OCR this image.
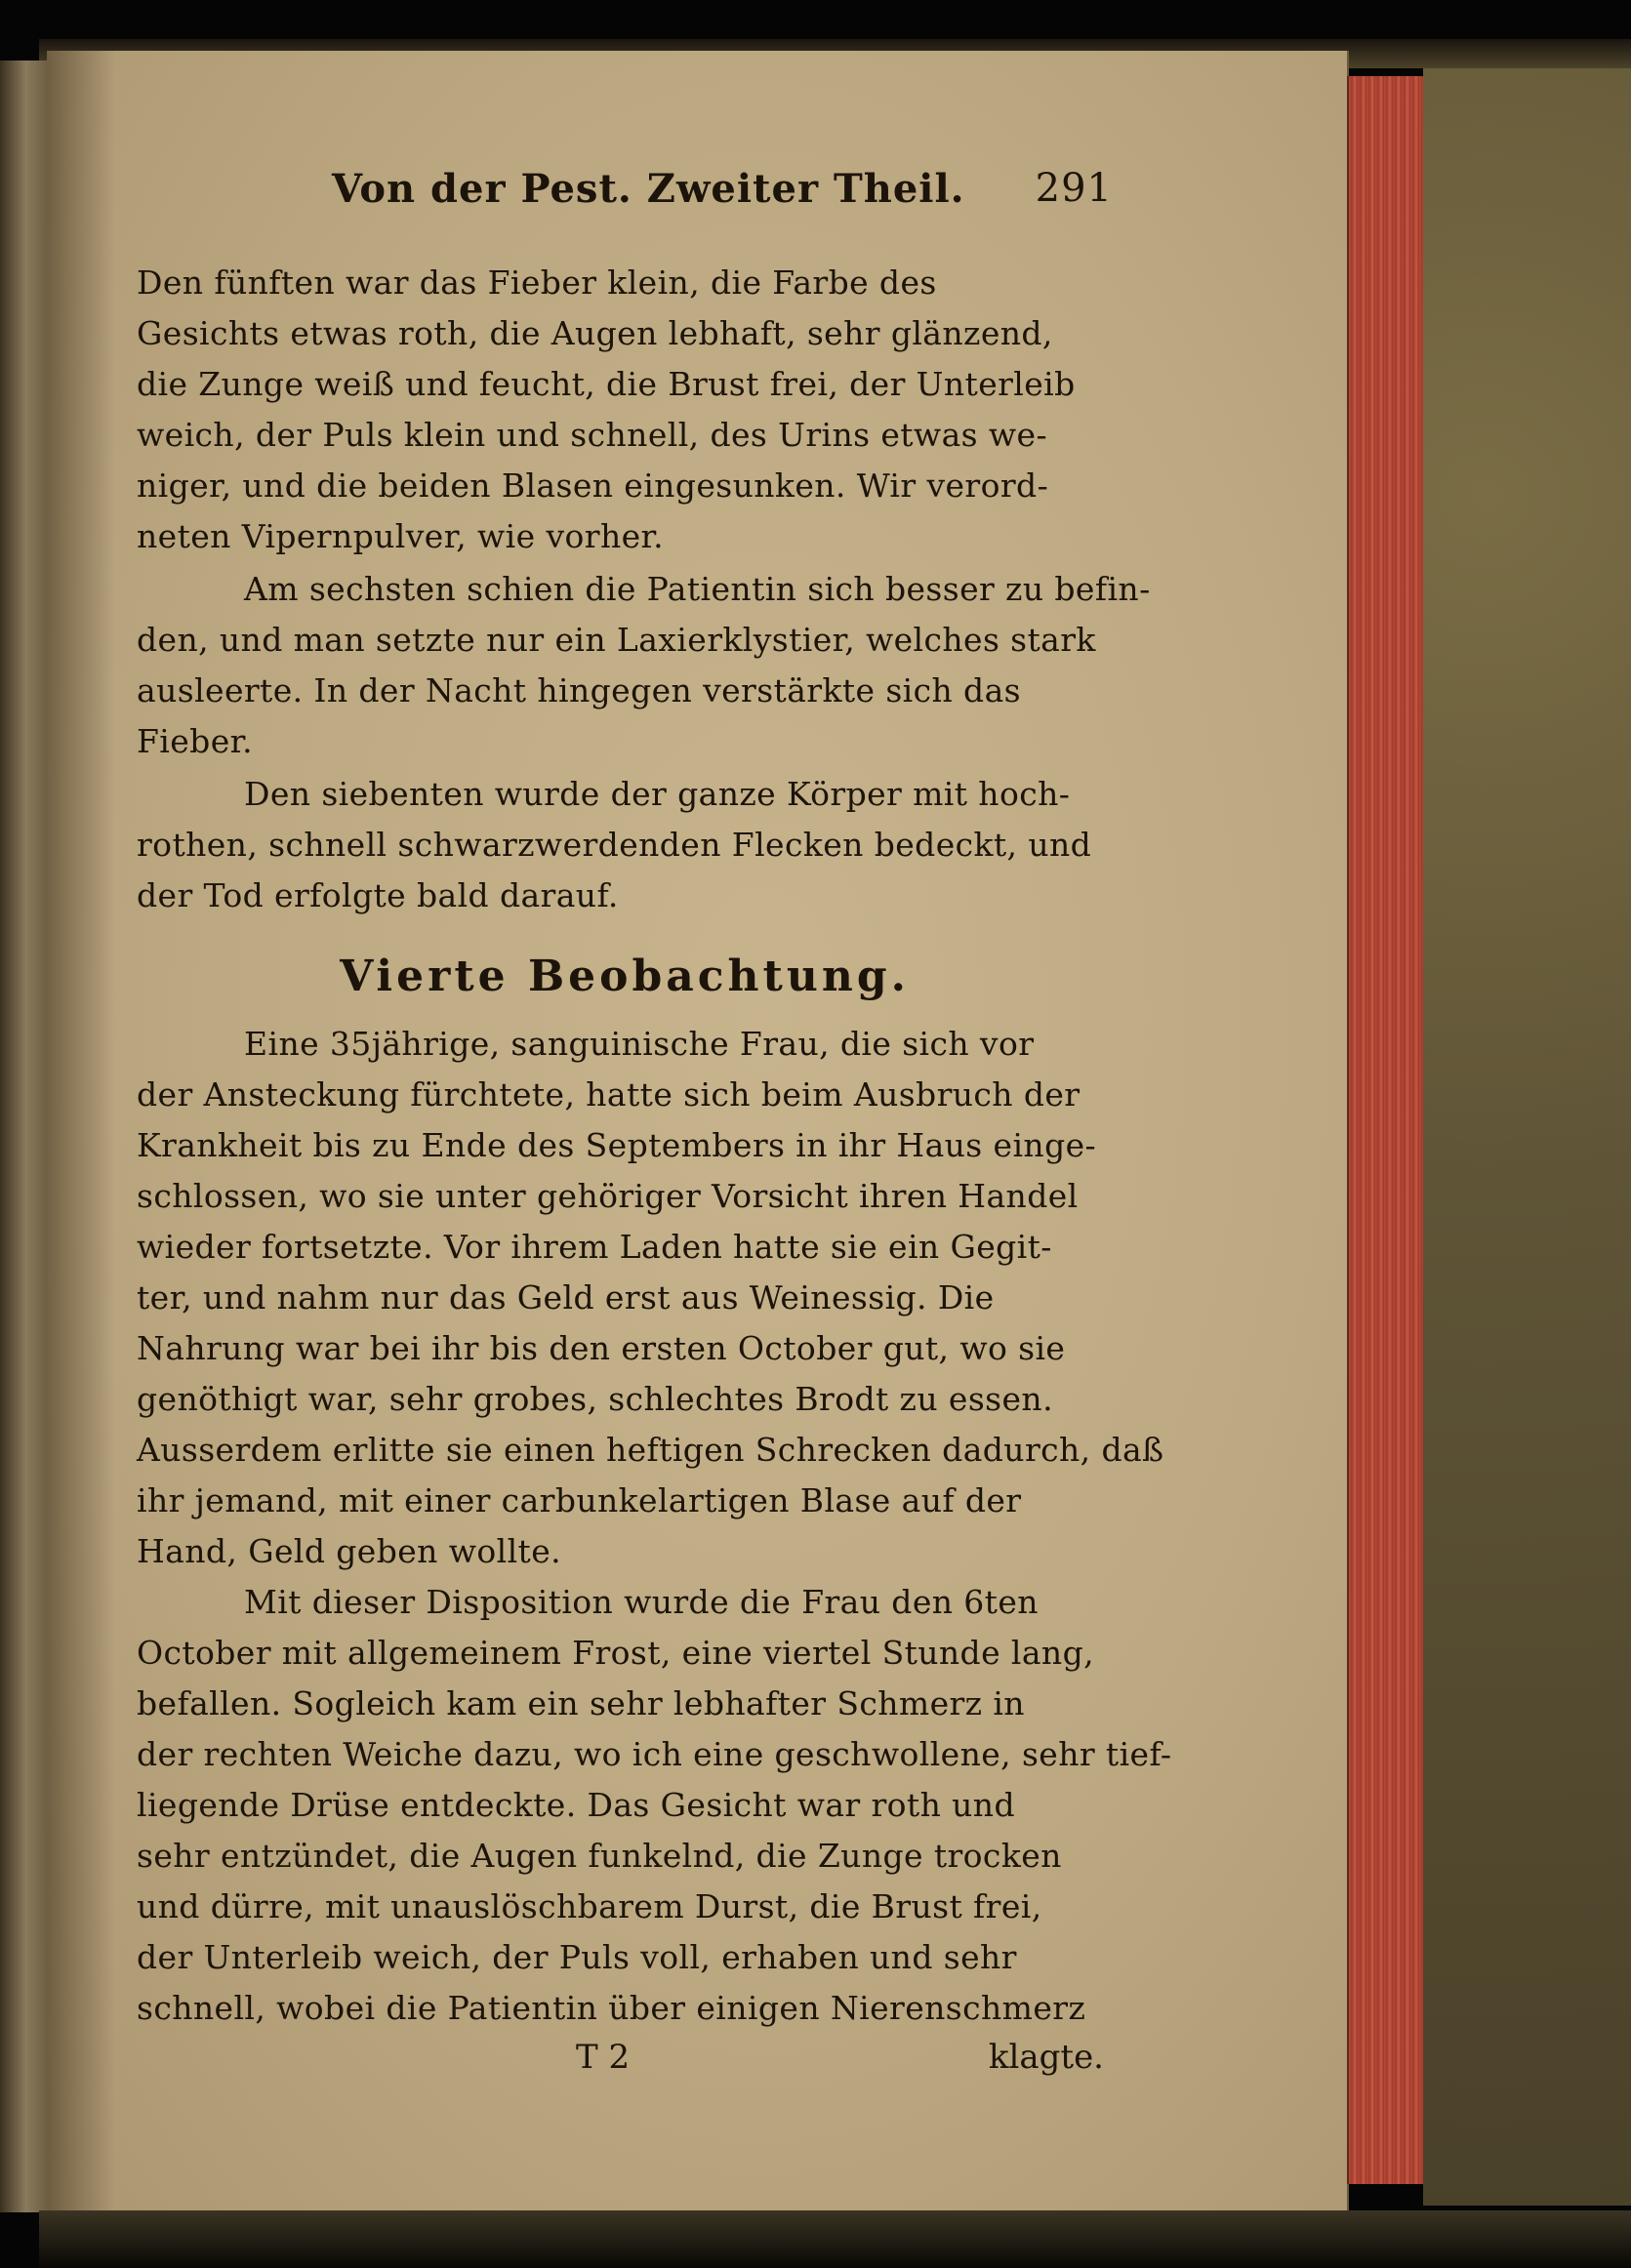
Von der Pest. Zweiter Theil. 291
Den fünften war das Fieber klein, die Farbe des
Gesichts etwas roth, die Augen lebhaft, sehr glänzend,
die Zunge weiß und feucht, die Brust frei, der Unterleib
weich, der Puls klein und schnell, des Urins etwas we-
niger, und die beiden Blasen eingesunken. Wir verord-
neten Vipernpulver, wie vorher.
Am sechsten schien die Patientin sich besser zu befin-
den, und man setzte nur ein Laxierklystier, welches stark
ausleerte. In der Nacht hingegen verstärkte sich das
Fieber.
Den siebenten wurde der ganze Körper mit hoch-
rothen, schnell schwarzwerdenden Flecken bedeckt, und
der Tod erfolgte bald darauf.
Vierte Beobachtung.
Eine 35jährige, sanguinische Frau, die sich vor
der Ansteckung fürchtete, hatte sich beim Ausbruch der
Krankheit bis zu Ende des Septembers in ihr Haus einge-
schlossen, wo sie unter gehöriger Vorsicht ihren Handel
wieder fortsetzte. Vor ihrem Laden hatte sie ein Gegit-
ter, und nahm nur das Geld erst aus Weinessig. Die
Nahrung war bei ihr bis den ersten October gut, wo sie
genöthigt war, sehr grobes, schlechtes Brodt zu essen.
Ausserdem erlitte sie einen heftigen Schrecken dadurch, daß
ihr jemand, mit einer carbunkelartigen Blase auf der
Hand, Geld geben wollte.
Mit dieser Disposition wurde die Frau den 6ten
October mit allgemeinem Frost, eine viertel Stunde lang,
befallen. Sogleich kam ein sehr lebhafter Schmerz in
der rechten Weiche dazu, wo ich eine geschwollene, sehr tief-
liegende Drüse entdeckte. Das Gesicht war roth und
sehr entzündet, die Augen funkelnd, die Zunge trocken
und dürre, mit unauslöschbarem Durst, die Brust frei,
der Unterleib weich, der Puls voll, erhaben und sehr
schnell, wobei die Patientin über einigen Nierenschmerz
T 2	klagte.
